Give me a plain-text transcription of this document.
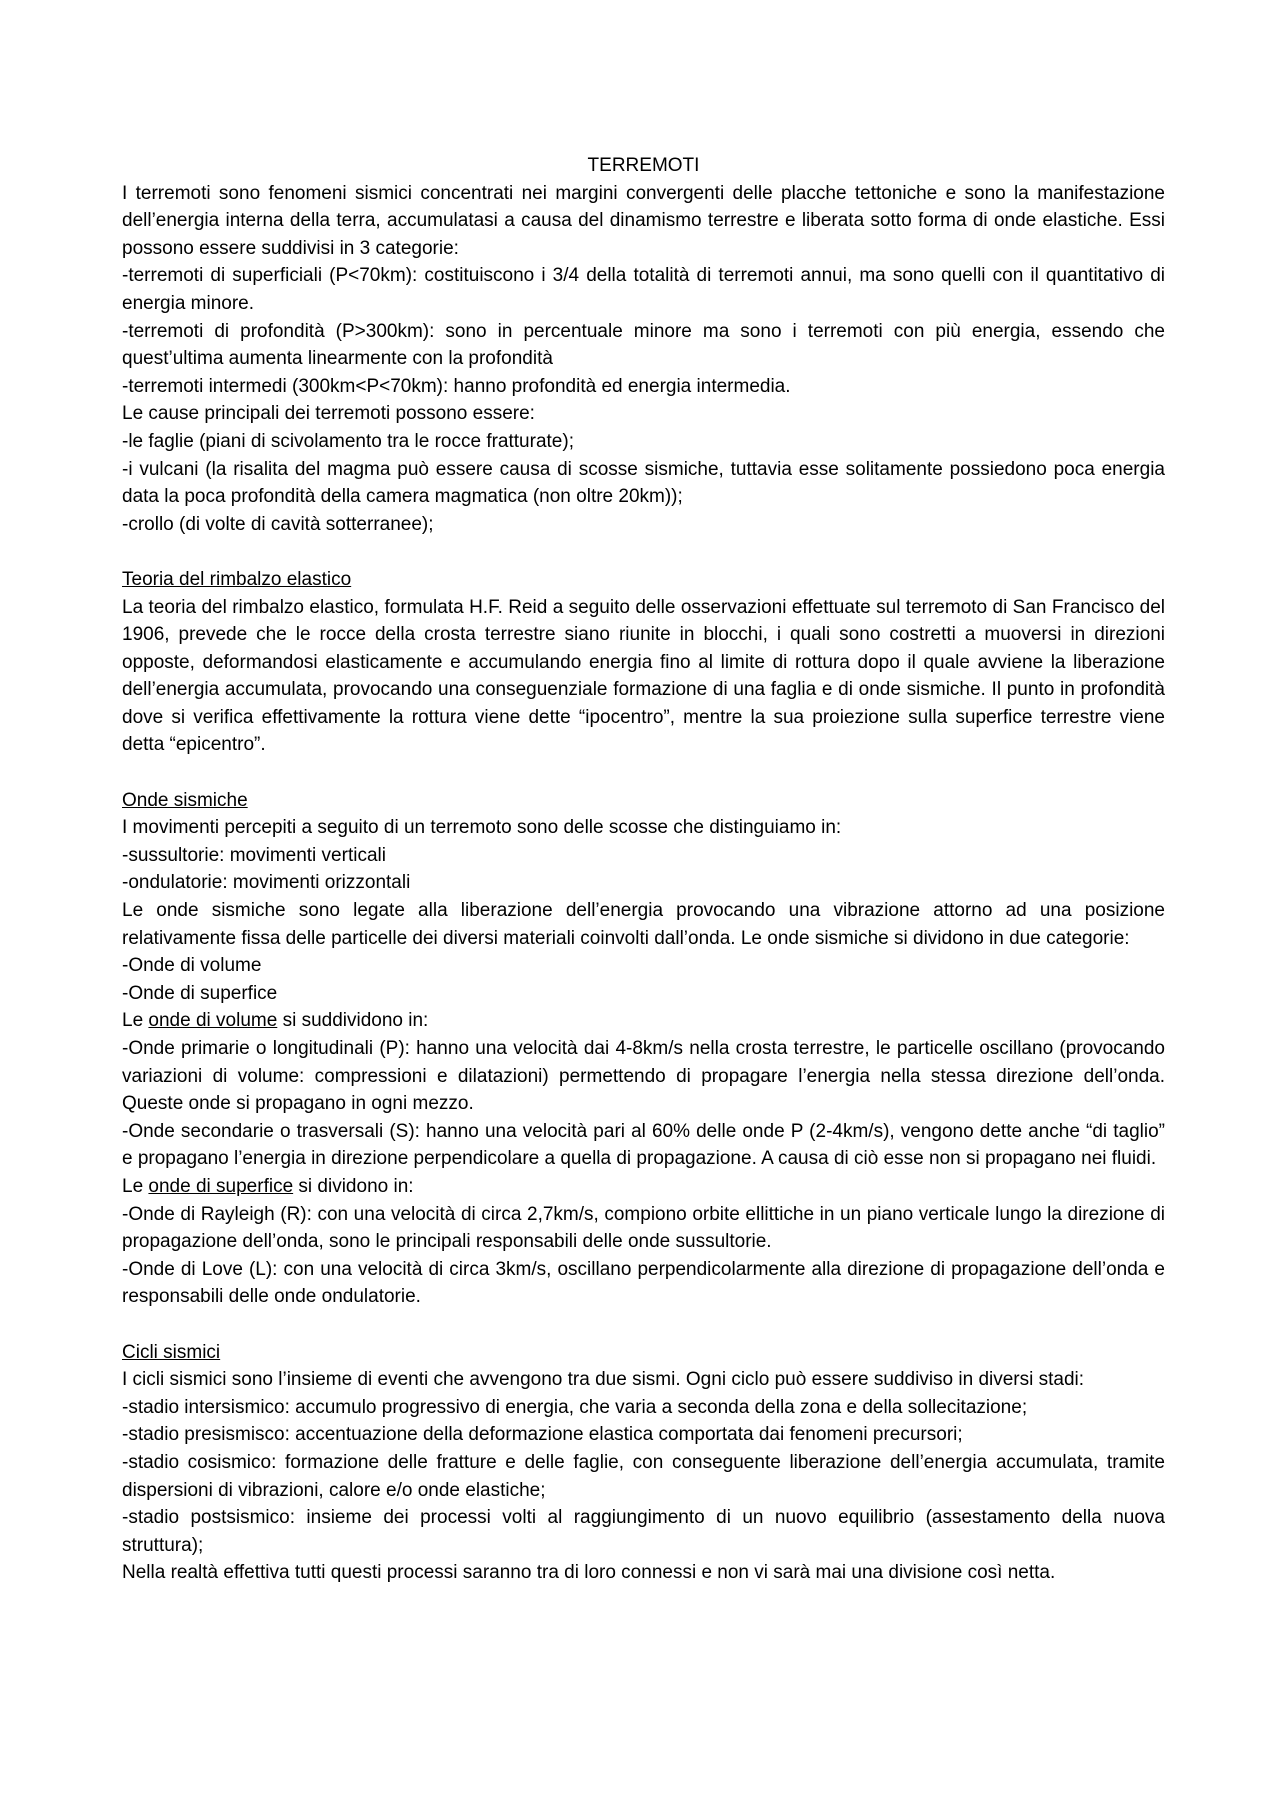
TERREMOTI

I terremoti sono fenomeni sismici concentrati nei margini convergenti delle placche tettoniche e sono la manifestazione dell’energia interna della terra, accumulatasi a causa del dinamismo terrestre e liberata sotto forma di onde elastiche. Essi possono essere suddivisi in 3 categorie:

-terremoti di superficiali (P<70km): costituiscono i 3/4 della totalità di terremoti annui, ma sono quelli con il quantitativo di energia minore.

-terremoti di profondità (P>300km): sono in percentuale minore ma sono i terremoti con più energia, essendo che quest’ultima aumenta linearmente con la profondità

-terremoti intermedi (300km<P<70km): hanno profondità ed energia intermedia.

Le cause principali dei terremoti possono essere:

-le faglie (piani di scivolamento tra le rocce fratturate);

-i vulcani (la risalita del magma può essere causa di scosse sismiche, tuttavia esse solitamente possiedono poca energia data la poca profondità della camera magmatica (non oltre 20km));

-crollo (di volte di cavità sotterranee);

Teoria del rimbalzo elastico

La teoria del rimbalzo elastico, formulata H.F. Reid a seguito delle osservazioni effettuate sul terremoto di San Francisco del 1906, prevede che le rocce della crosta terrestre siano riunite in blocchi, i quali sono costretti a muoversi in direzioni opposte, deformandosi elasticamente e accumulando energia fino al limite di rottura dopo il quale avviene la liberazione dell’energia accumulata, provocando una conseguenziale formazione di una faglia e di onde sismiche. Il punto in profondità dove si verifica effettivamente la rottura viene dette “ipocentro”, mentre la sua proiezione sulla superfice terrestre viene detta “epicentro”.

Onde sismiche

I movimenti percepiti a seguito di un terremoto sono delle scosse che distinguiamo in:

-sussultorie: movimenti verticali

-ondulatorie: movimenti orizzontali

Le onde sismiche sono legate alla liberazione dell’energia provocando una vibrazione attorno ad una posizione relativamente fissa delle particelle dei diversi materiali coinvolti dall’onda. Le onde sismiche si dividono in due categorie:

-Onde di volume

-Onde di superfice

Le onde di volume si suddividono in:

-Onde primarie o longitudinali (P): hanno una velocità dai 4-8km/s nella crosta terrestre, le particelle oscillano (provocando variazioni di volume: compressioni e dilatazioni) permettendo di propagare l’energia nella stessa direzione dell’onda. Queste onde si propagano in ogni mezzo.

-Onde secondarie o trasversali (S): hanno una velocità pari al 60% delle onde P (2-4km/s), vengono dette anche “di taglio” e propagano l’energia in direzione perpendicolare a quella di propagazione. A causa di ciò esse non si propagano nei fluidi.

Le onde di superfice si dividono in:

-Onde di Rayleigh (R): con una velocità di circa 2,7km/s, compiono orbite ellittiche in un piano verticale lungo la direzione di propagazione dell’onda, sono le principali responsabili delle onde sussultorie.

-Onde di Love (L): con una velocità di circa 3km/s, oscillano perpendicolarmente alla direzione di propagazione dell’onda e responsabili delle onde ondulatorie.

Cicli sismici

I cicli sismici sono l’insieme di eventi che avvengono tra due sismi. Ogni ciclo può essere suddiviso in diversi stadi:

-stadio intersismico: accumulo progressivo di energia, che varia a seconda della zona e della sollecitazione;

-stadio presismisco: accentuazione della deformazione elastica comportata dai fenomeni precursori;

-stadio cosismico: formazione delle fratture e delle faglie, con conseguente liberazione dell’energia accumulata, tramite dispersioni di vibrazioni, calore e/o onde elastiche;

-stadio postsismico: insieme dei processi volti al raggiungimento di un nuovo equilibrio (assestamento della nuova struttura);

Nella realtà effettiva tutti questi processi saranno tra di loro connessi e non vi sarà mai una divisione così netta.
